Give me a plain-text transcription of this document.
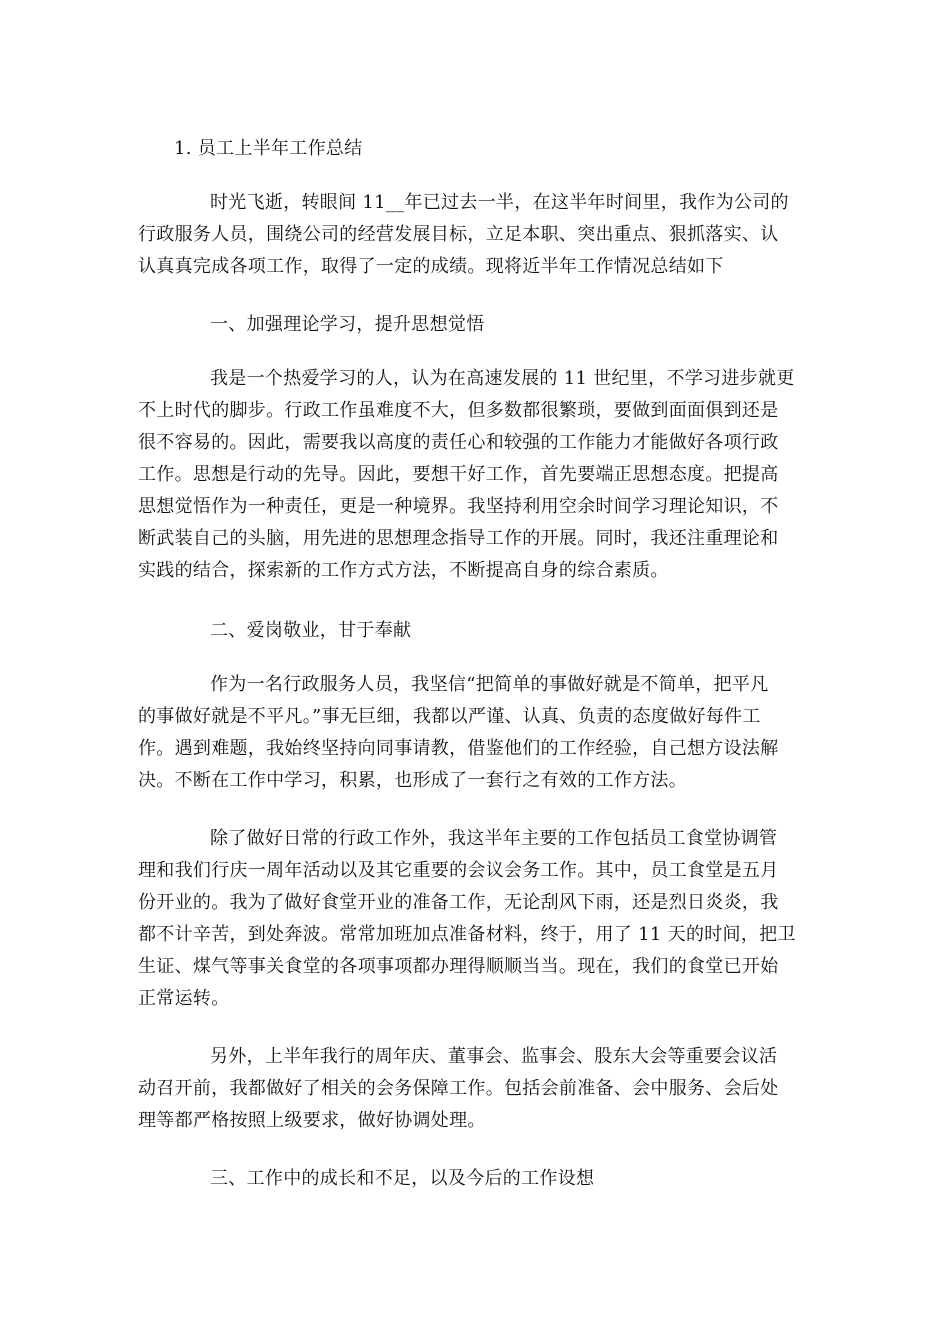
1. 员工上半年工作总结
时光飞逝，转眼间 11__年已过去一半，在这半年时间里，我作为公司的
行政服务人员，围绕公司的经营发展目标，立足本职、突出重点、狠抓落实、认
认真真完成各项工作，取得了一定的成绩。现将近半年工作情况总结如下
一、加强理论学习，提升思想觉悟
我是一个热爱学习的人，认为在高速发展的 11 世纪里，不学习进步就更
不上时代的脚步。行政工作虽难度不大，但多数都很繁琐，要做到面面俱到还是
很不容易的。因此，需要我以高度的责任心和较强的工作能力才能做好各项行政
工作。思想是行动的先导。因此，要想干好工作，首先要端正思想态度。把提高
思想觉悟作为一种责任，更是一种境界。我坚持利用空余时间学习理论知识，不
断武装自己的头脑，用先进的思想理念指导工作的开展。同时，我还注重理论和
实践的结合，探索新的工作方式方法，不断提高自身的综合素质。
二、爱岗敬业，甘于奉献
作为一名行政服务人员，我坚信“把简单的事做好就是不简单，把平凡
的事做好就是不平凡。”事无巨细，我都以严谨、认真、负责的态度做好每件工
作。遇到难题，我始终坚持向同事请教，借鉴他们的工作经验，自己想方设法解
决。不断在工作中学习，积累，也形成了一套行之有效的工作方法。
除了做好日常的行政工作外，我这半年主要的工作包括员工食堂协调管
理和我们行庆一周年活动以及其它重要的会议会务工作。其中，员工食堂是五月
份开业的。我为了做好食堂开业的准备工作，无论刮风下雨，还是烈日炎炎，我
都不计辛苦，到处奔波。常常加班加点准备材料，终于，用了 11 天的时间，把卫
生证、煤气等事关食堂的各项事项都办理得顺顺当当。现在，我们的食堂已开始
正常运转。
另外，上半年我行的周年庆、董事会、监事会、股东大会等重要会议活
动召开前，我都做好了相关的会务保障工作。包括会前准备、会中服务、会后处
理等都严格按照上级要求，做好协调处理。
三、工作中的成长和不足，以及今后的工作设想
